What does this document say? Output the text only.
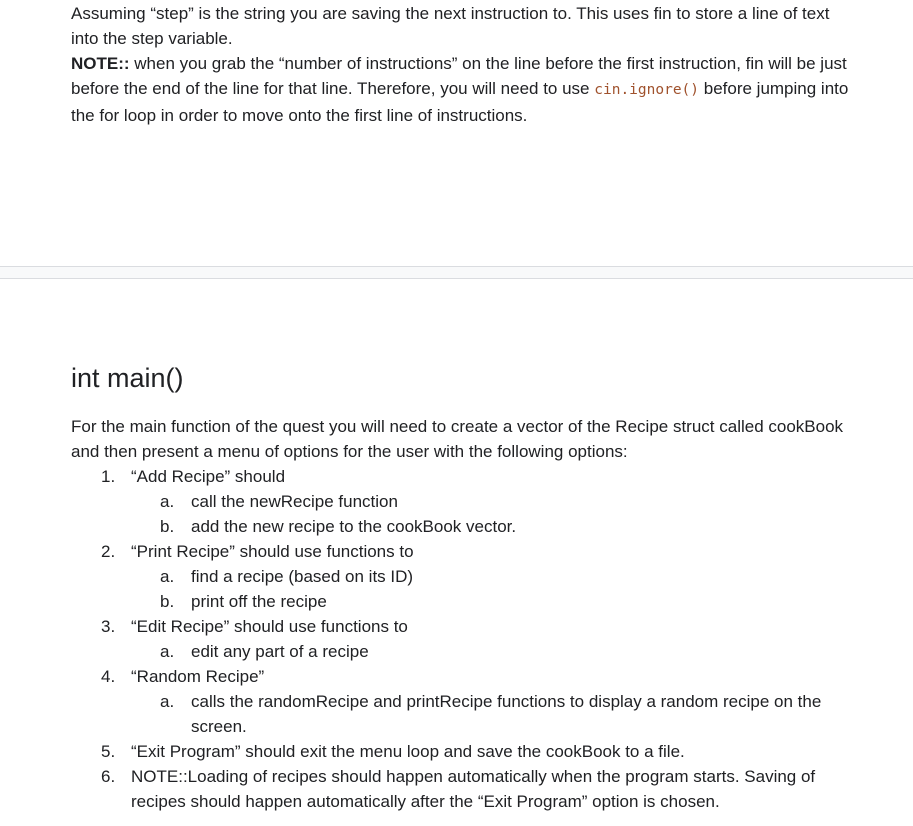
Assuming “step” is the string you are saving the next instruction to. This uses fin to store a line of text into the step variable.

NOTE:: when you grab the “number of instructions” on the line before the first instruction, fin will be just before the end of the line for that line. Therefore, you will need to use cin.ignore() before jumping into the for loop in order to move onto the first line of instructions.

int main()

For the main function of the quest you will need to create a vector of the Recipe struct called cookBook and then present a menu of options for the user with the following options:

1. “Add Recipe” should
a. call the newRecipe function
b. add the new recipe to the cookBook vector.
2. “Print Recipe” should use functions to
a. find a recipe (based on its ID)
b. print off the recipe
3. “Edit Recipe” should use functions to
a. edit any part of a recipe
4. “Random Recipe”
a. calls the randomRecipe and printRecipe functions to display a random recipe on the screen.
5. “Exit Program” should exit the menu loop and save the cookBook to a file.
6. NOTE::Loading of recipes should happen automatically when the program starts. Saving of recipes should happen automatically after the “Exit Program” option is chosen.
